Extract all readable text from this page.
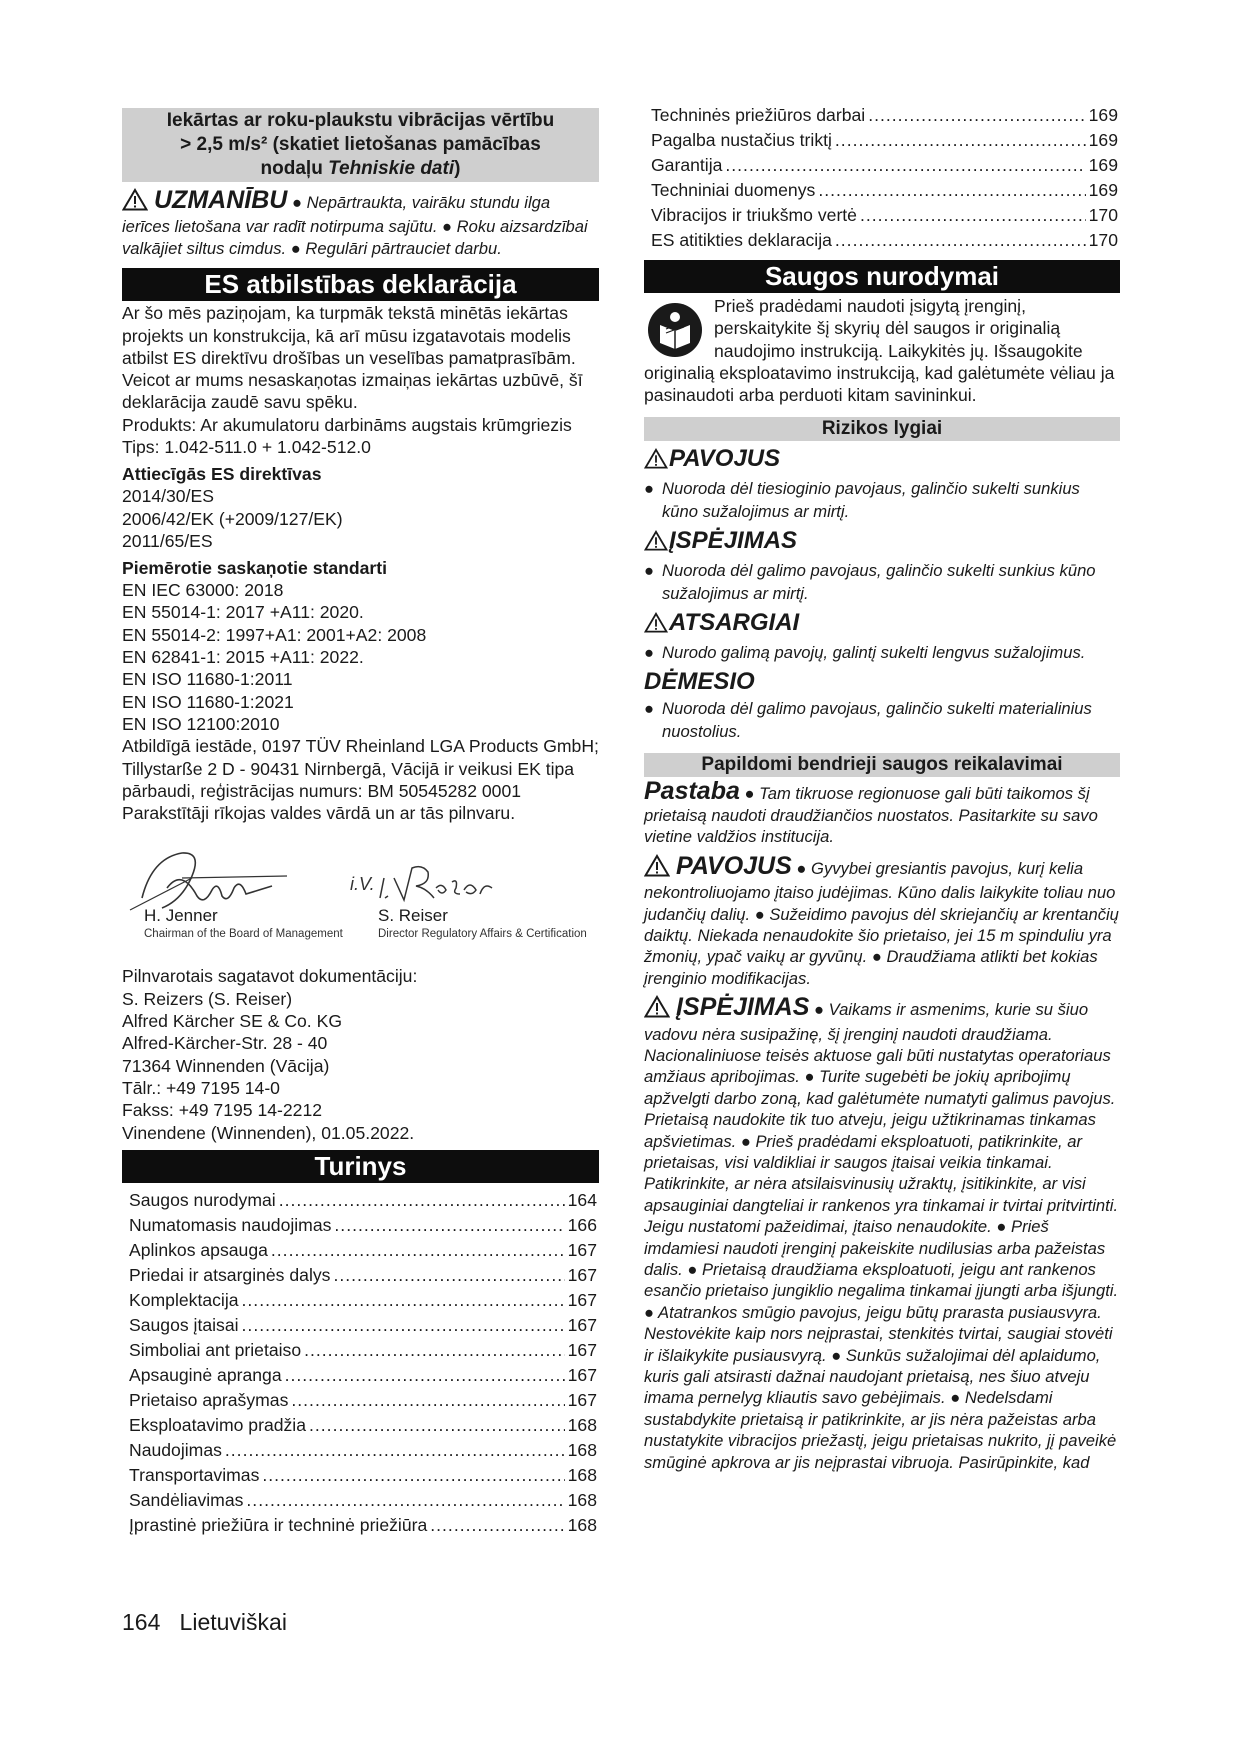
Iekārtas ar roku-plaukstu vibrācijas vērtību
> 2,5 m/s² (skatiet lietošanas pamācības
nodaļu Tehniskie dati)

UZMANĪBU ● Nepārtraukta, vairāku stundu ilga ierīces lietošana var radīt notirpuma sajūtu. ● Roku aizsardzībai valkājiet siltus cimdus. ● Regulāri pārtrauciet darbu.

ES atbilstības deklarācija

Ar šo mēs paziņojam, ka turpmāk tekstā minētās iekārtas projekts un konstrukcija, kā arī mūsu izgatavotais modelis atbilst ES direktīvu drošības un veselības pamatprasībām. Veicot ar mums nesaskaņotas izmaiņas iekārtas uzbūvē, šī deklarācija zaudē savu spēku.

Produkts: Ar akumulatoru darbināms augstais krūmgriezis

Tips: 1.042-511.0 + 1.042-512.0

Attiecīgās ES direktīvas

2014/30/ES

2006/42/EK (+2009/127/EK)

2011/65/ES

Piemērotie saskaņotie standarti

EN IEC 63000: 2018

EN 55014-1: 2017 +A11: 2020.

EN 55014-2: 1997+A1: 2001+A2: 2008

EN 62841-1: 2015 +A11: 2022.

EN ISO 11680-1:2011

EN ISO 11680-1:2021

EN ISO 12100:2010

Atbildīgā iestāde, 0197 TÜV Rheinland LGA Products GmbH; Tillystarße 2 D - 90431 Nirnbergā, Vācijā ir veikusi EK tipa pārbaudi, reģistrācijas numurs: BM 50545282 0001

Parakstītāji rīkojas valdes vārdā un ar tās pilnvaru.

H. Jenner
Chairman of the Board of Management
S. Reiser
Director Regulatory Affairs & Certification
i.V.

Pilnvarotais sagatavot dokumentāciju:

S. Reizers (S. Reiser)

Alfred Kärcher SE & Co. KG

Alfred-Kärcher-Str. 28 - 40

71364 Winnenden (Vācija)

Tālr.: +49 7195 14-0

Fakss: +49 7195 14-2212

Vinendene (Winnenden), 01.05.2022.

Turinys
Saugos nurodymai .....	164
Numatomasis naudojimas .....	166
Aplinkos apsauga .....	167
Priedai ir atsarginės dalys .....	167
Komplektacija .....	167
Saugos įtaisai .....	167
Simboliai ant prietaiso .....	167
Apsauginė apranga .....	167
Prietaiso aprašymas .....	167
Eksploatavimo pradžia .....	168
Naudojimas .....	168
Transportavimas .....	168
Sandėliavimas .....	168
Įprastinė priežiūra ir techninė priežiūra .....	168
Techninės priežiūros darbai .....	169
Pagalba nustačius triktį .....	169
Garantija .....	169
Techniniai duomenys .....	169
Vibracijos ir triukšmo vertė .....	170
ES atitikties deklaracija .....	170
Saugos nurodymai

Prieš pradėdami naudoti įsigytą įrenginį, perskaitykite šį skyrių dėl saugos ir originalią naudojimo instrukciją. Laikykitės jų. Išsaugokite originalią eksploatavimo instrukciją, kad galėtumėte vėliau ja pasinaudoti arba perduoti kitam savininkui.

Rizikos lygiai
PAVOJUS
● Nuoroda dėl tiesioginio pavojaus, galinčio sukelti sunkius kūno sužalojimus ar mirtį.
ĮSPĖJIMAS
● Nuoroda dėl galimo pavojaus, galinčio sukelti sunkius kūno sužalojimus ar mirtį.
ATSARGIAI
● Nurodo galimą pavojų, galintį sukelti lengvus sužalojimus.
DĖMESIO
● Nuoroda dėl galimo pavojaus, galinčio sukelti materialinius nuostolius.
Papildomi bendrieji saugos reikalavimai

Pastaba ● Tam tikruose regionuose gali būti taikomos šį prietaisą naudoti draudžiančios nuostatos. Pasitarkite su savo vietine valdžios institucija.

PAVOJUS ● Gyvybei gresiantis pavojus, kurį kelia nekontroliuojamo įtaiso judėjimas. Kūno dalis laikykite toliau nuo judančių dalių. ● Sužeidimo pavojus dėl skriejančių ar krentančių daiktų. Niekada nenaudokite šio prietaiso, jei 15 m spinduliu yra žmonių, ypač vaikų ar gyvūnų. ● Draudžiama atlikti bet kokias įrenginio modifikacijas.

ĮSPĖJIMAS ● Vaikams ir asmenims, kurie su šiuo vadovu nėra susipažinę, šį įrenginį naudoti draudžiama. Nacionaliniuose teisės aktuose gali būti nustatytas operatoriaus amžiaus apribojimas. ● Turite sugebėti be jokių apribojimų apžvelgti darbo zoną, kad galėtumėte numatyti galimus pavojus. Prietaisą naudokite tik tuo atveju, jeigu užtikrinamas tinkamas apšvietimas. ● Prieš pradėdami eksploatuoti, patikrinkite, ar prietaisas, visi valdikliai ir saugos įtaisai veikia tinkamai. Patikrinkite, ar nėra atsilaisvinusių užraktų, įsitikinkite, ar visi apsauginiai dangteliai ir rankenos yra tinkamai ir tvirtai pritvirtinti. Jeigu nustatomi pažeidimai, įtaiso nenaudokite. ● Prieš imdamiesi naudoti įrenginį pakeiskite nudilusias arba pažeistas dalis. ● Prietaisą draudžiama eksploatuoti, jeigu ant rankenos esančio prietaiso jungiklio negalima tinkamai įjungti arba išjungti. ● Atatrankos smūgio pavojus, jeigu būtų prarasta pusiausvyra. Nestovėkite kaip nors neįprastai, stenkitės tvirtai, saugiai stovėti ir išlaikykite pusiausvyrą. ● Sunkūs sužalojimai dėl aplaidumo, kuris gali atsirasti dažnai naudojant prietaisą, nes šiuo atveju imama pernelyg kliautis savo gebėjimais. ● Nedelsdami sustabdykite prietaisą ir patikrinkite, ar jis nėra pažeistas arba nustatykite vibracijos priežastį, jeigu prietaisas nukrito, jį paveikė smūginė apkrova ar jis neįprastai vibruoja. Pasirūpinkite, kad

164 Lietuviškai
